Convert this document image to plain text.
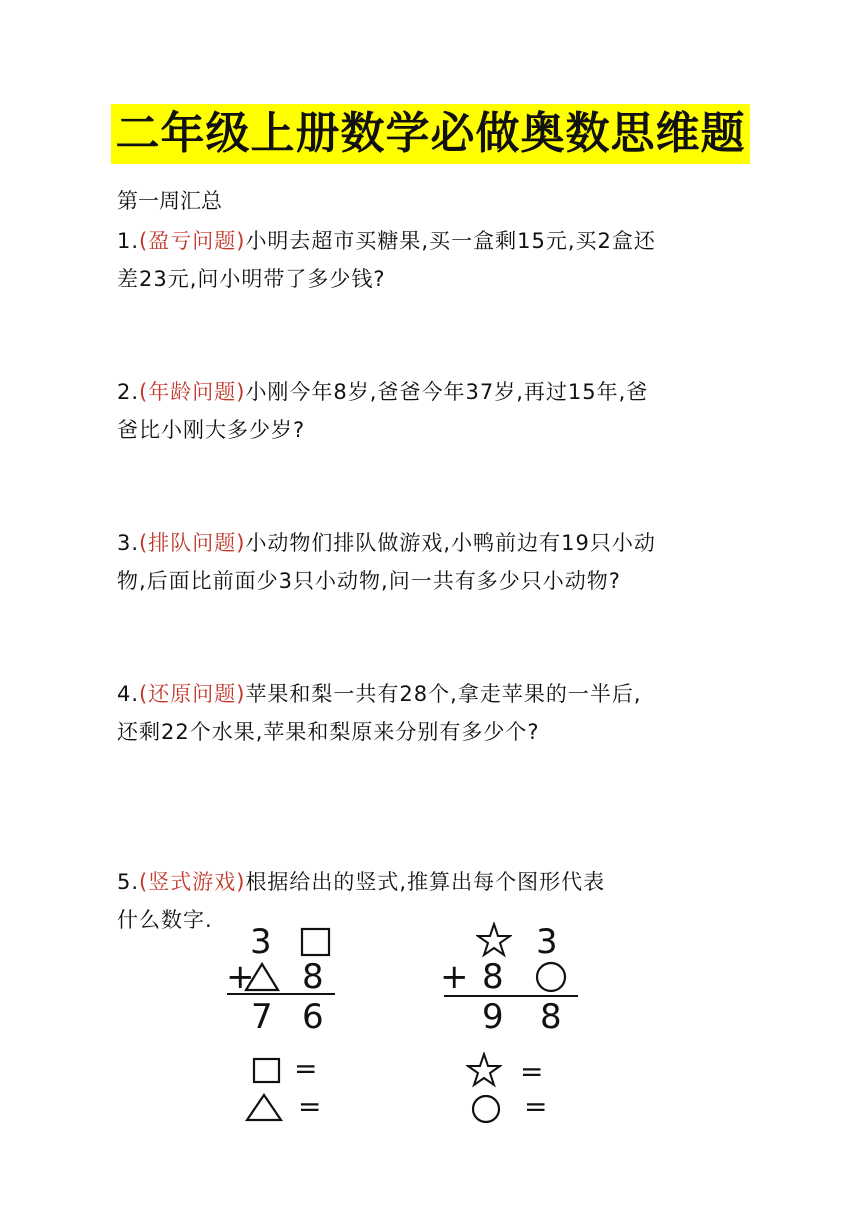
二年级上册数学必做奥数思维题
第一周汇总

1.(盈亏问题)小明去超市买糖果,买一盒剩15元,买2盒还

差23元,问小明带了多少钱?

2.(年龄问题)小刚今年8岁,爸爸今年37岁,再过15年,爸

爸比小刚大多少岁?

3.(排队问题)小动物们排队做游戏,小鸭前边有19只小动

物,后面比前面少3只小动物,问一共有多少只小动物?

4.(还原问题)苹果和梨一共有28个,拿走苹果的一半后,

还剩22个水果,苹果和梨原来分别有多少个?

5.(竖式游戏)根据给出的竖式,推算出每个图形代表

什么数字.

3
+ 8
7 6
=
=
3
+ 8
9 8
=
=
